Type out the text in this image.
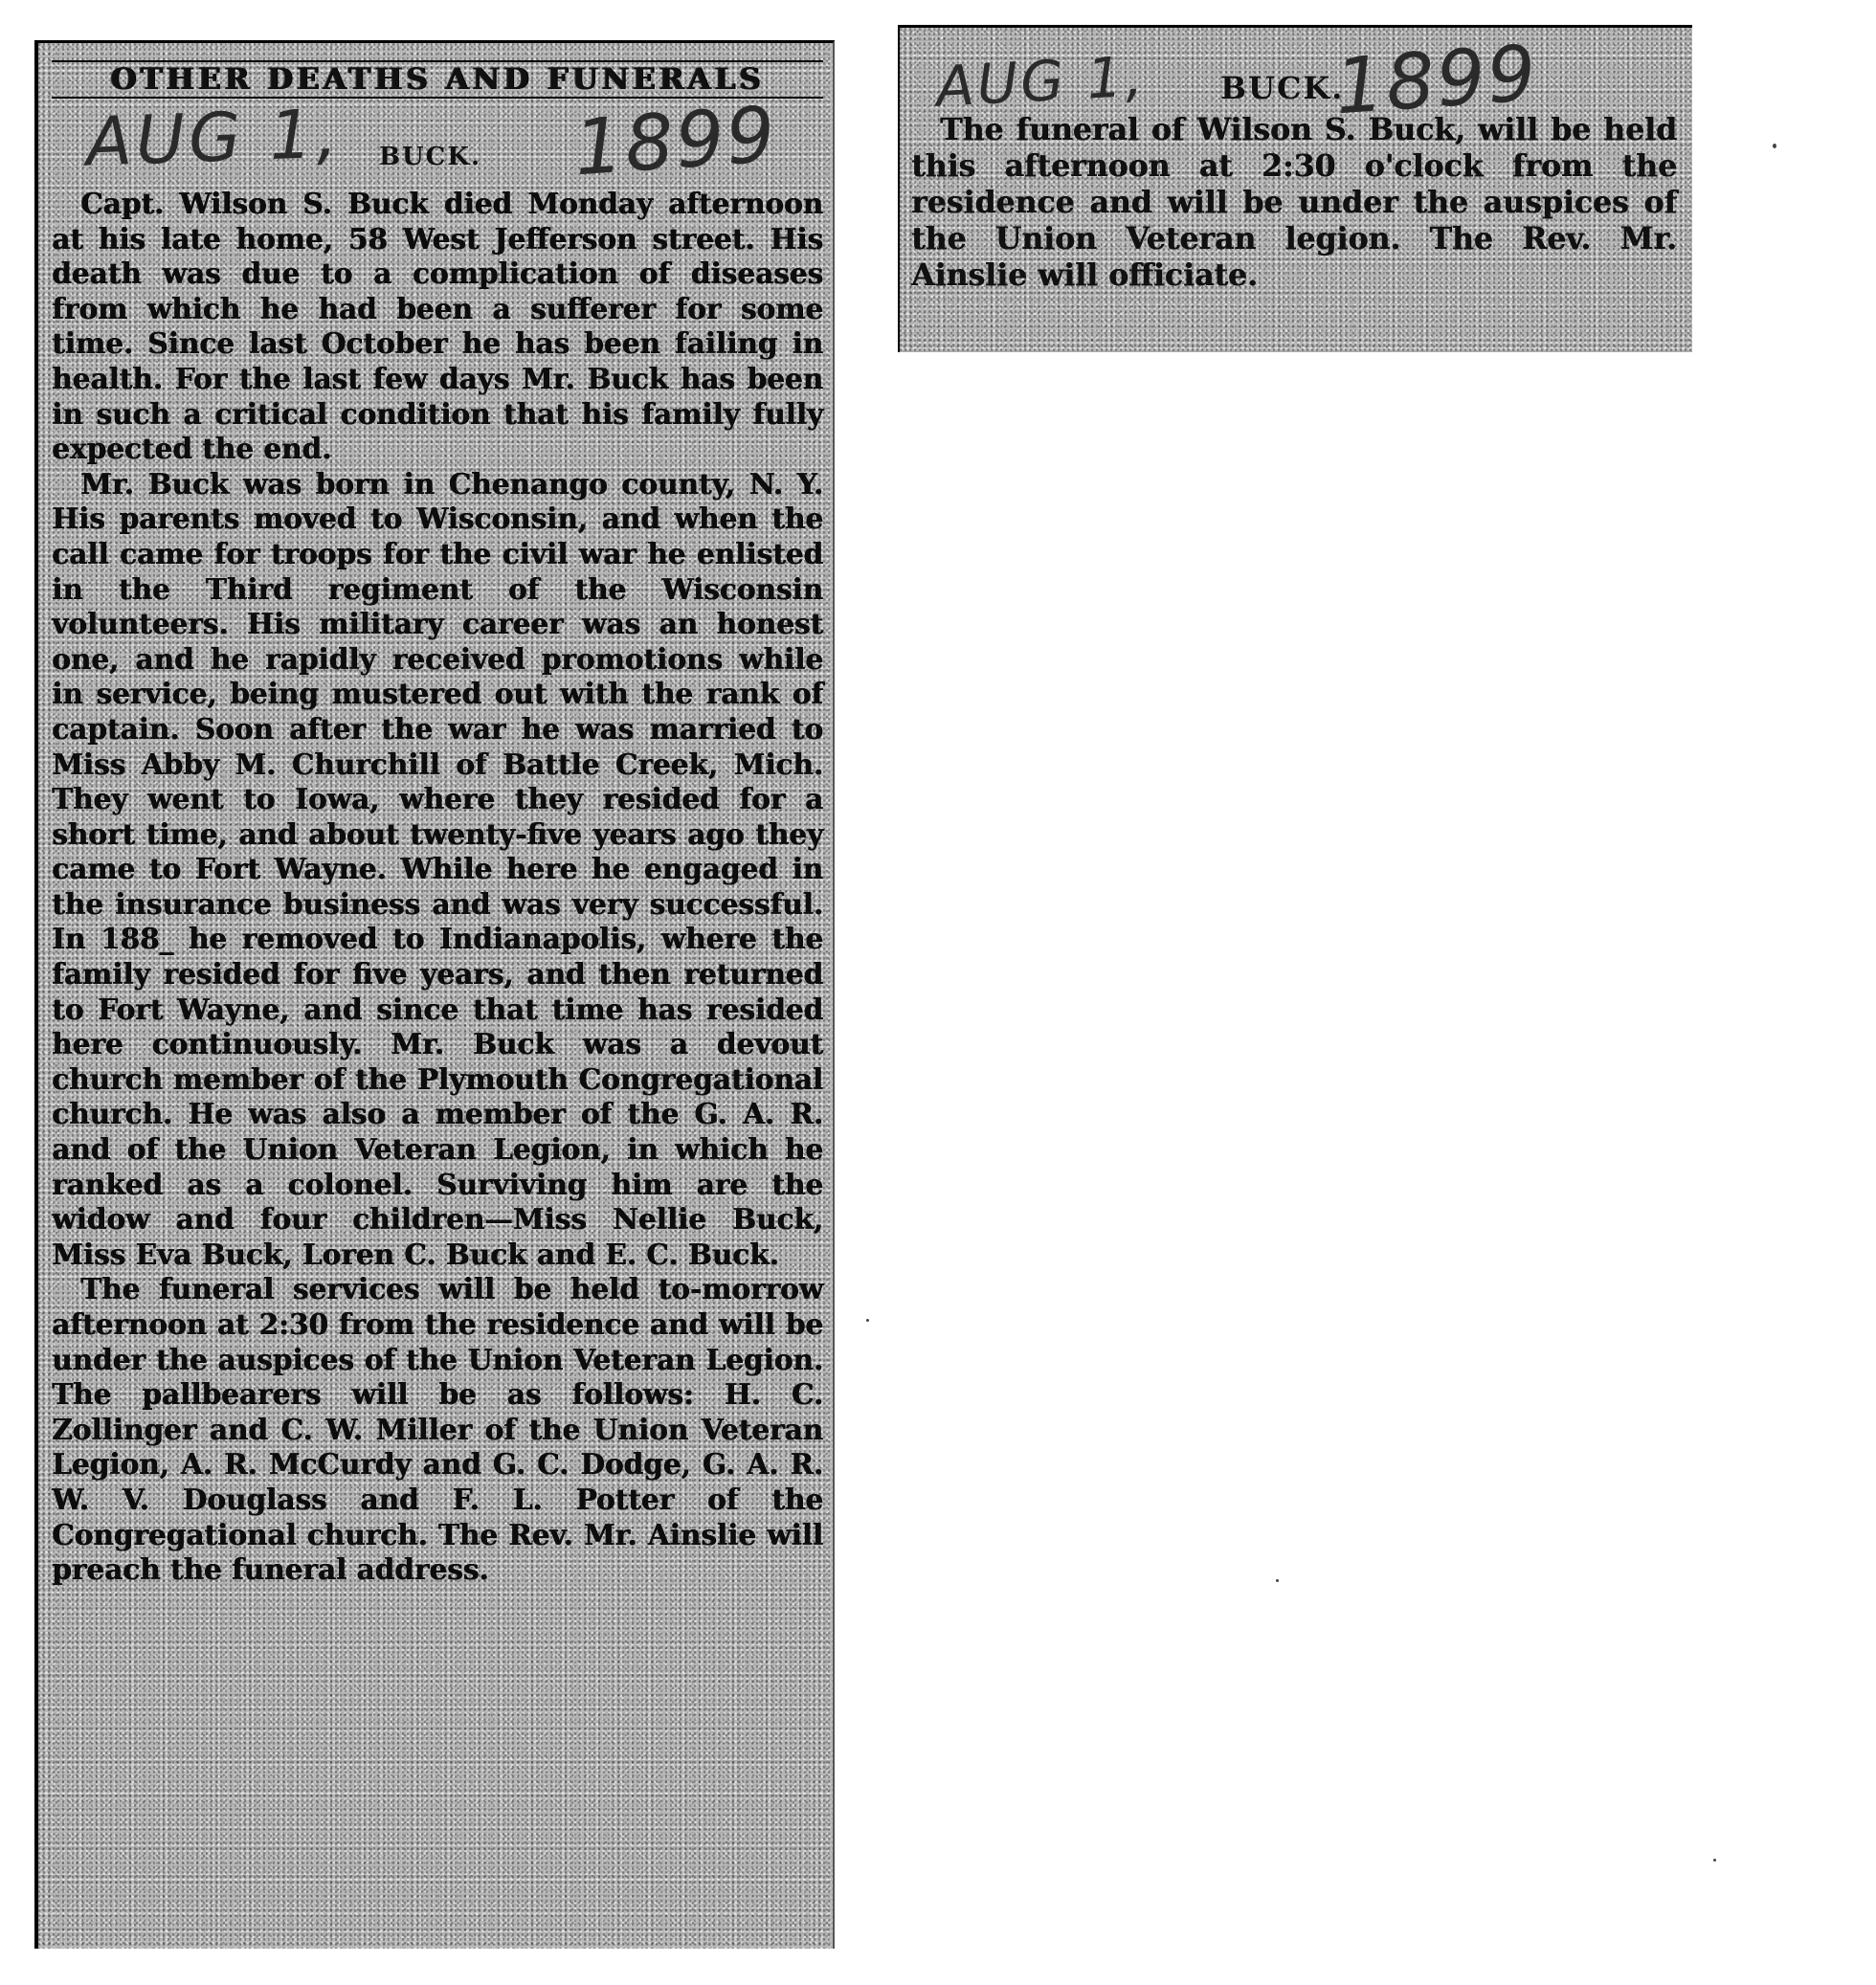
OTHER DEATHS AND FUNERALS
AUG 1,	1899
BUCK.

Capt. Wilson S. Buck died Monday afternoon at his late home, 58 West Jefferson street. His death was due to a complication of diseases from which he had been a sufferer for some time. Since last October he has been failing in health. For the last few days Mr. Buck has been in such a critical condition that his family fully expected the end.

Mr. Buck was born in Chenango county, N. Y. His parents moved to Wisconsin, and when the call came for troops for the civil war he enlisted in the Third regiment of the Wisconsin volunteers. His military career was an honest one, and he rapidly received promotions while in service, being mustered out with the rank of captain. Soon after the war he was married to Miss Abby M. Churchill of Battle Creek, Mich. They went to Iowa, where they resided for a short time, and about twenty-five years ago they came to Fort Wayne. While here he engaged in the insurance business and was very successful. In 188_ he removed to Indianapolis, where the family resided for five years, and then returned to Fort Wayne, and since that time has resided here continuously. Mr. Buck was a devout church member of the Plymouth Congregational church. He was also a member of the G. A. R. and of the Union Veteran Legion, in which he ranked as a colonel. Surviving him are the widow and four children—Miss Nellie Buck, Miss Eva Buck, Loren C. Buck and E. C. Buck.

The funeral services will be held to-morrow afternoon at 2:30 from the residence and will be under the auspices of the Union Veteran Legion. The pallbearers will be as follows: H. C. Zollinger and C. W. Miller of the Union Veteran Legion, A. R. McCurdy and G. C. Dodge, G. A. R. W. V. Douglass and F. L. Potter of the Congregational church. The Rev. Mr. Ainslie will preach the funeral address.

AUG 1, BUCK.
1899

The funeral of Wilson S. Buck, will be held this afternoon at 2:30 o'clock from the residence and will be under the auspices of the Union Veteran legion. The Rev. Mr. Ainslie will officiate.
